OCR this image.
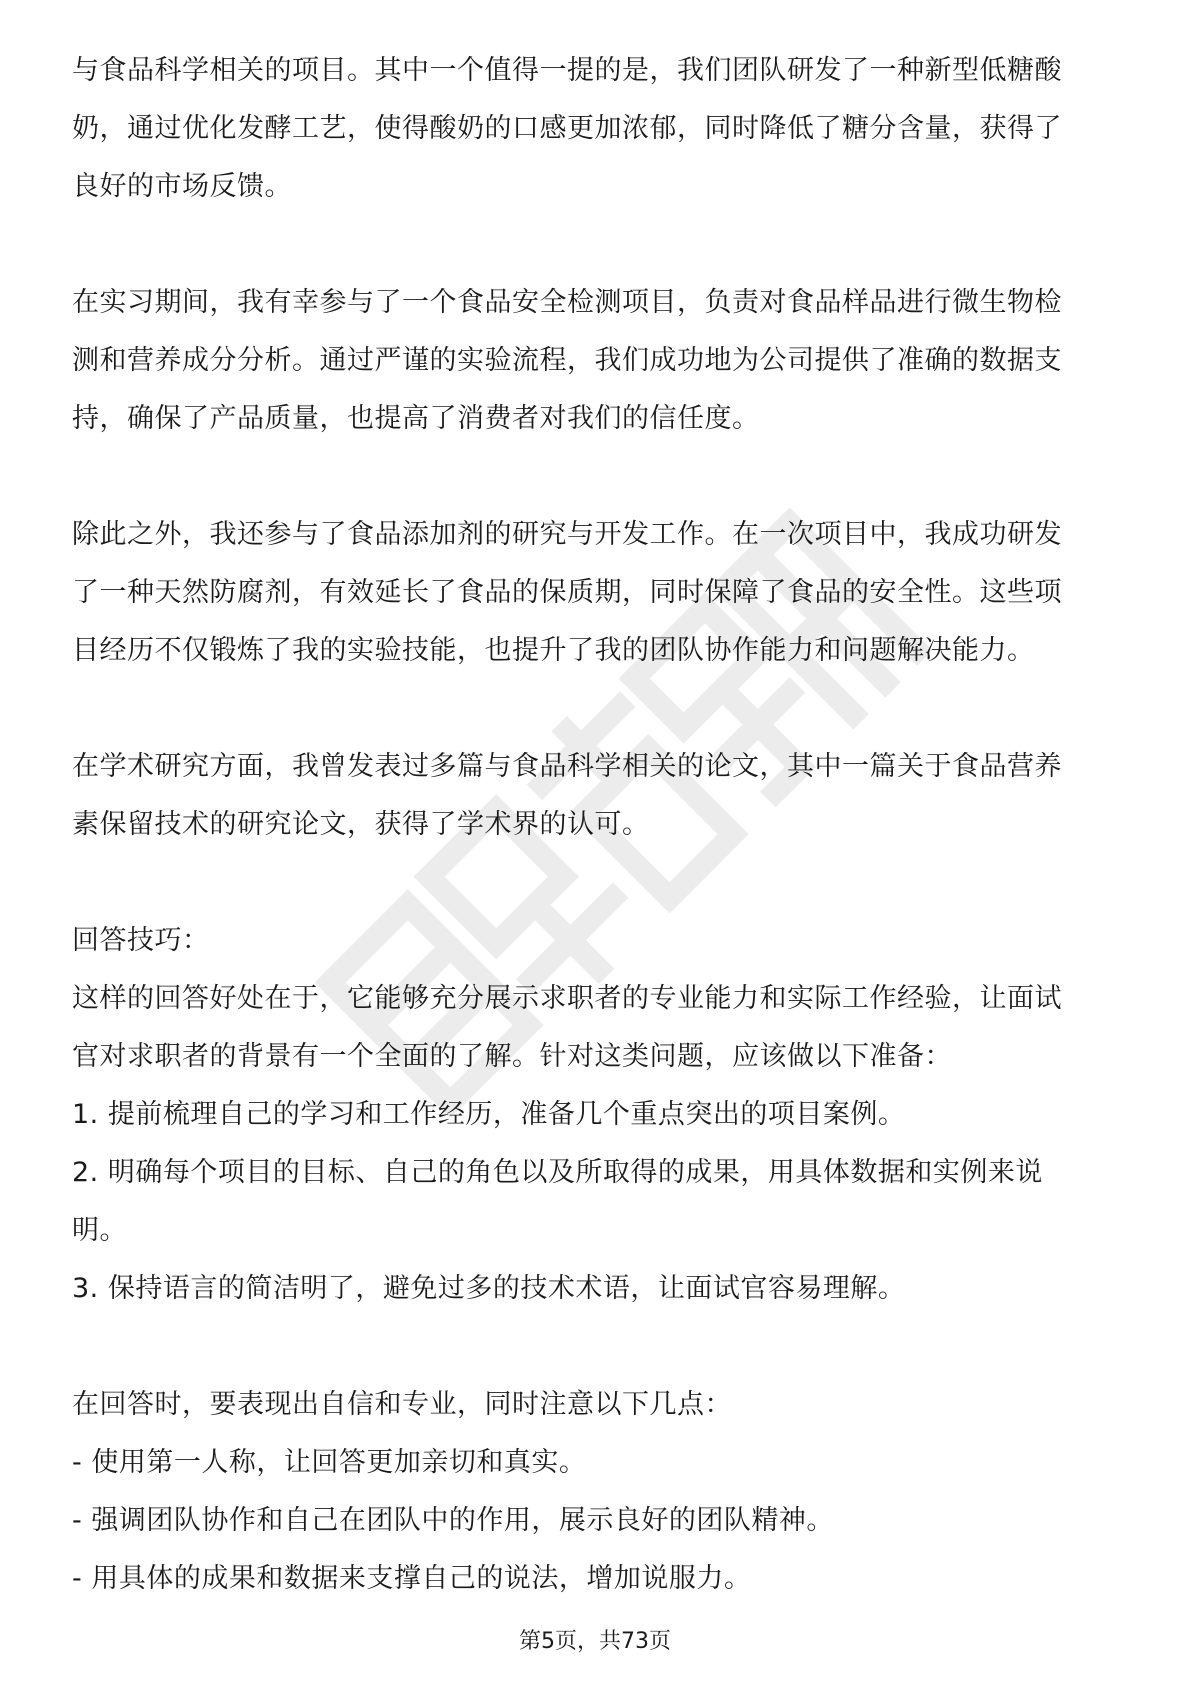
与食品科学相关的项目。其中一个值得一提的是，我们团队研发了一种新型低糖酸
奶，通过优化发酵工艺，使得酸奶的口感更加浓郁，同时降低了糖分含量，获得了
良好的市场反馈。
在实习期间，我有幸参与了一个食品安全检测项目，负责对食品样品进行微生物检
测和营养成分分析。通过严谨的实验流程，我们成功地为公司提供了准确的数据支
持，确保了产品质量，也提高了消费者对我们的信任度。
除此之外，我还参与了食品添加剂的研究与开发工作。在一次项目中，我成功研发
了一种天然防腐剂，有效延长了食品的保质期，同时保障了食品的安全性。这些项
目经历不仅锻炼了我的实验技能，也提升了我的团队协作能力和问题解决能力。
在学术研究方面，我曾发表过多篇与食品科学相关的论文，其中一篇关于食品营养
素保留技术的研究论文，获得了学术界的认可。
回答技巧：
这样的回答好处在于，它能够充分展示求职者的专业能力和实际工作经验，让面试
官对求职者的背景有一个全面的了解。针对这类问题，应该做以下准备：
1. 提前梳理自己的学习和工作经历，准备几个重点突出的项目案例。
2. 明确每个项目的目标、自己的角色以及所取得的成果，用具体数据和实例来说
明。
3. 保持语言的简洁明了，避免过多的技术术语，让面试官容易理解。
在回答时，要表现出自信和专业，同时注意以下几点：
- 使用第一人称，让回答更加亲切和真实。
- 强调团队协作和自己在团队中的作用，展示良好的团队精神。
- 用具体的成果和数据来支撑自己的说法，增加说服力。
第5页，共73页
